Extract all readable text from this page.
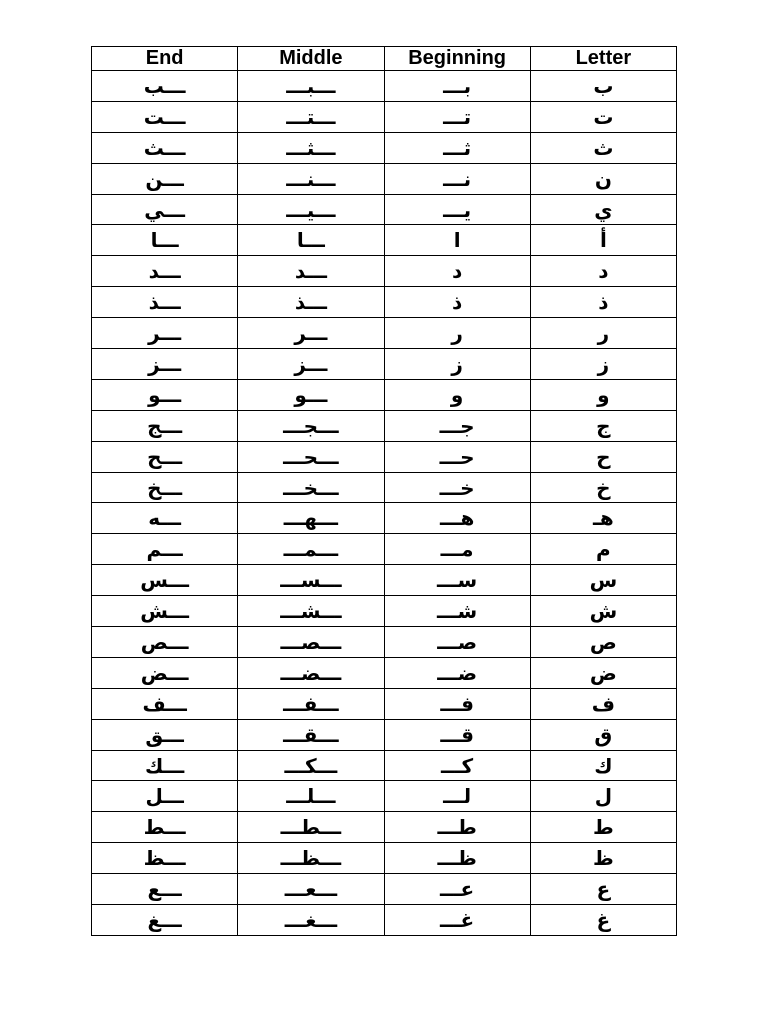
End	Middle	Beginning	Letter
ـــب	ـــبـــ	بـــ	ب
ـــت	ـــتـــ	تـــ	ت
ـــث	ـــثـــ	ثـــ	ث
ـــن	ـــنـــ	نـــ	ن
ـــي	ـــيـــ	يـــ	ي
ـــا	ـــا	ا	أ
ـــد	ـــد	د	د
ـــذ	ـــذ	ذ	ذ
ـــر	ـــر	ر	ر
ـــز	ـــز	ز	ز
ـــو	ـــو	و	و
ـــج	ـــجـــ	جـــ	ج
ـــح	ـــحـــ	حـــ	ح
ـــخ	ـــخـــ	خـــ	خ
ـــه	ـــهـــ	هـــ	هـ
ـــم	ـــمـــ	مـــ	م
ـــس	ـــســـ	ســـ	س
ـــش	ـــشـــ	شـــ	ش
ـــص	ـــصـــ	صـــ	ص
ـــض	ـــضـــ	ضـــ	ض
ـــف	ـــفـــ	فـــ	ف
ـــق	ـــقـــ	قـــ	ق
ـــك	ـــكـــ	كـــ	ك
ـــل	ـــلـــ	لـــ	ل
ـــط	ـــطـــ	طـــ	ط
ـــظ	ـــظـــ	ظـــ	ظ
ـــع	ـــعـــ	عـــ	ع
ـــغ	ـــغـــ	غـــ	غ
